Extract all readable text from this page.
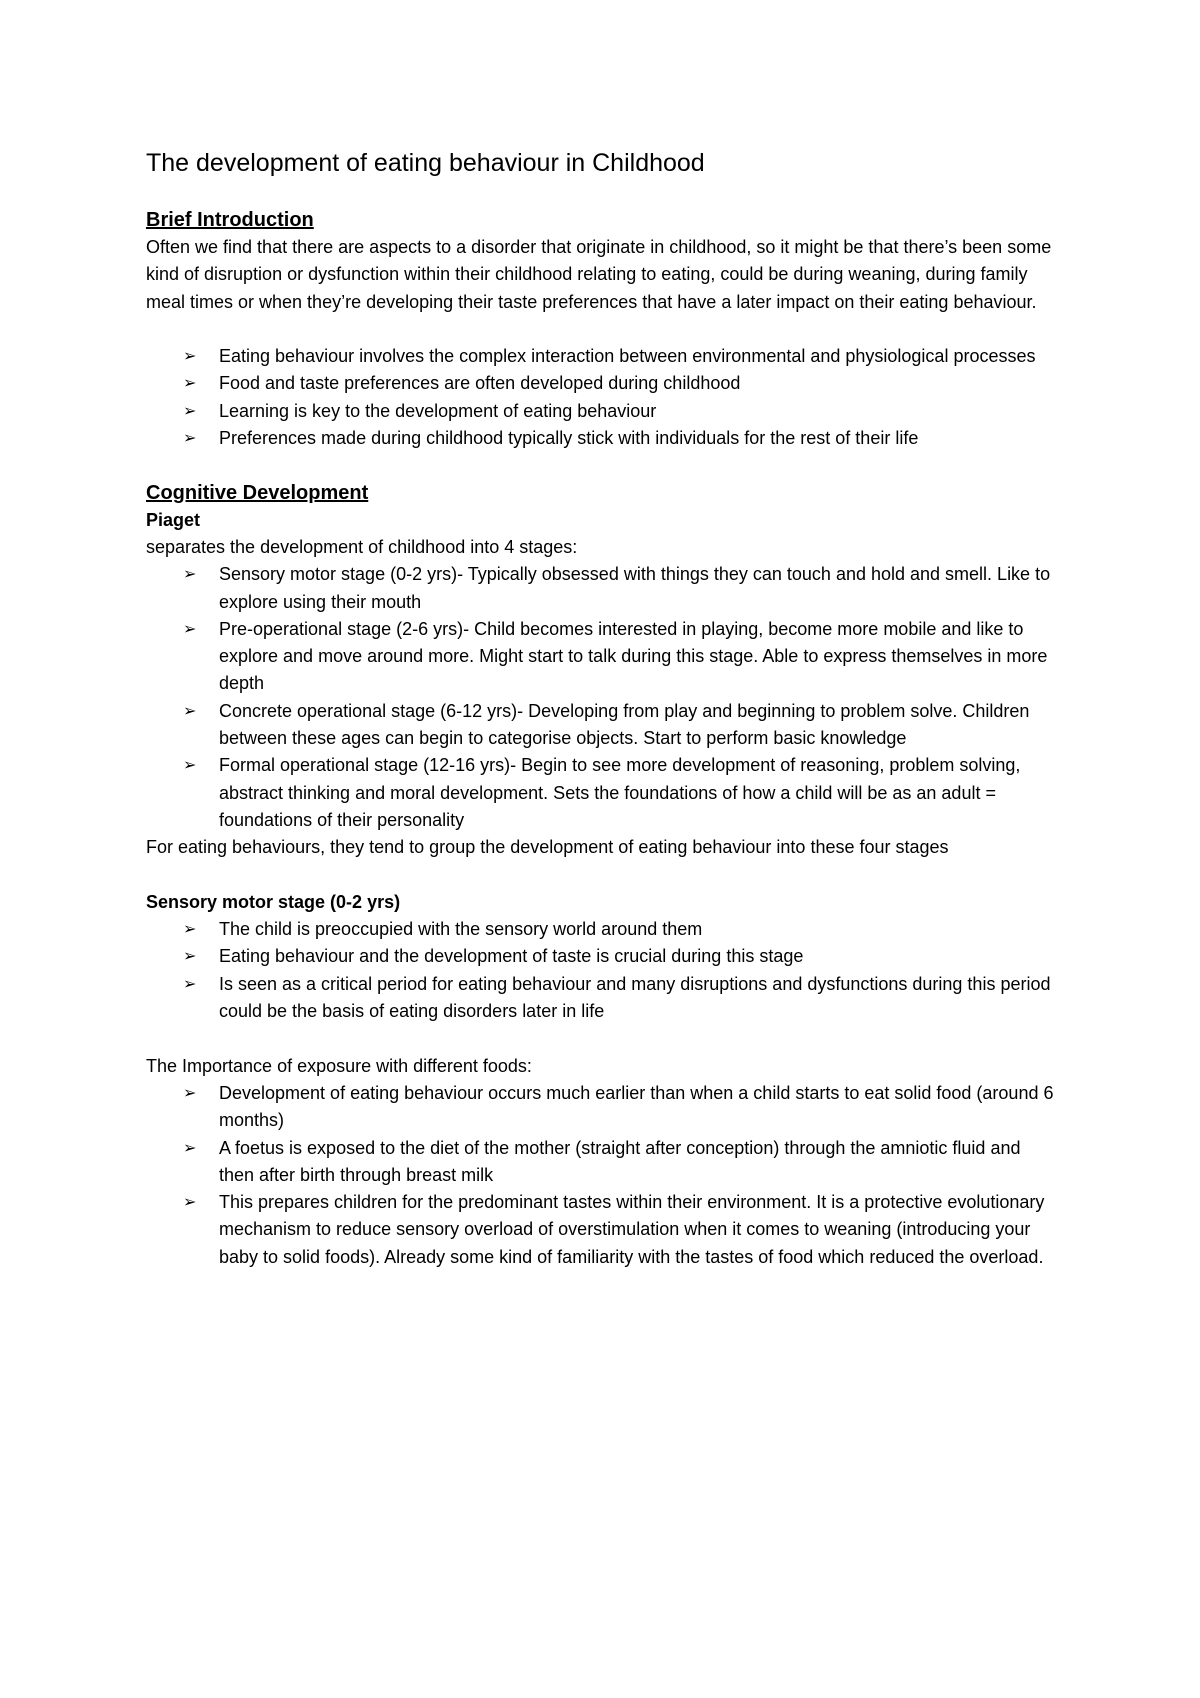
The development of eating behaviour in Childhood
Brief Introduction

Often we find that there are aspects to a disorder that originate in childhood, so it might be that there’s been some kind of disruption or dysfunction within their childhood relating to eating, could be during weaning, during family meal times or when they’re developing their taste preferences that have a later impact on their eating behaviour.

➢	Eating behaviour involves the complex interaction between environmental and physiological processes
➢	Food and taste preferences are often developed during childhood
➢	Learning is key to the development of eating behaviour
➢	Preferences made during childhood typically stick with individuals for the rest of their life
Cognitive Development

Piaget

separates the development of childhood into 4 stages:

➢	Sensory motor stage (0-2 yrs)- Typically obsessed with things they can touch and hold and smell. Like to explore using their mouth
➢	Pre-operational stage (2-6 yrs)- Child becomes interested in playing, become more mobile and like to explore and move around more. Might start to talk during this stage. Able to express themselves in more depth
➢	Concrete operational stage (6-12 yrs)- Developing from play and beginning to problem solve. Children between these ages can begin to categorise objects. Start to perform basic knowledge
➢	Formal operational stage (12-16 yrs)- Begin to see more development of reasoning, problem solving, abstract thinking and moral development. Sets the foundations of how a child will be as an adult = foundations of their personality

For eating behaviours, they tend to group the development of eating behaviour into these four stages

Sensory motor stage (0-2 yrs)

➢	The child is preoccupied with the sensory world around them
➢	Eating behaviour and the development of taste is crucial during this stage
➢	Is seen as a critical period for eating behaviour and many disruptions and dysfunctions during this period could be the basis of eating disorders later in life

The Importance of exposure with different foods:

➢	Development of eating behaviour occurs much earlier than when a child starts to eat solid food (around 6 months)
➢	A foetus is exposed to the diet of the mother (straight after conception) through the amniotic fluid and then after birth through breast milk
➢	This prepares children for the predominant tastes within their environment. It is a protective evolutionary mechanism to reduce sensory overload of overstimulation when it comes to weaning (introducing your baby to solid foods). Already some kind of familiarity with the tastes of food which reduced the overload.
